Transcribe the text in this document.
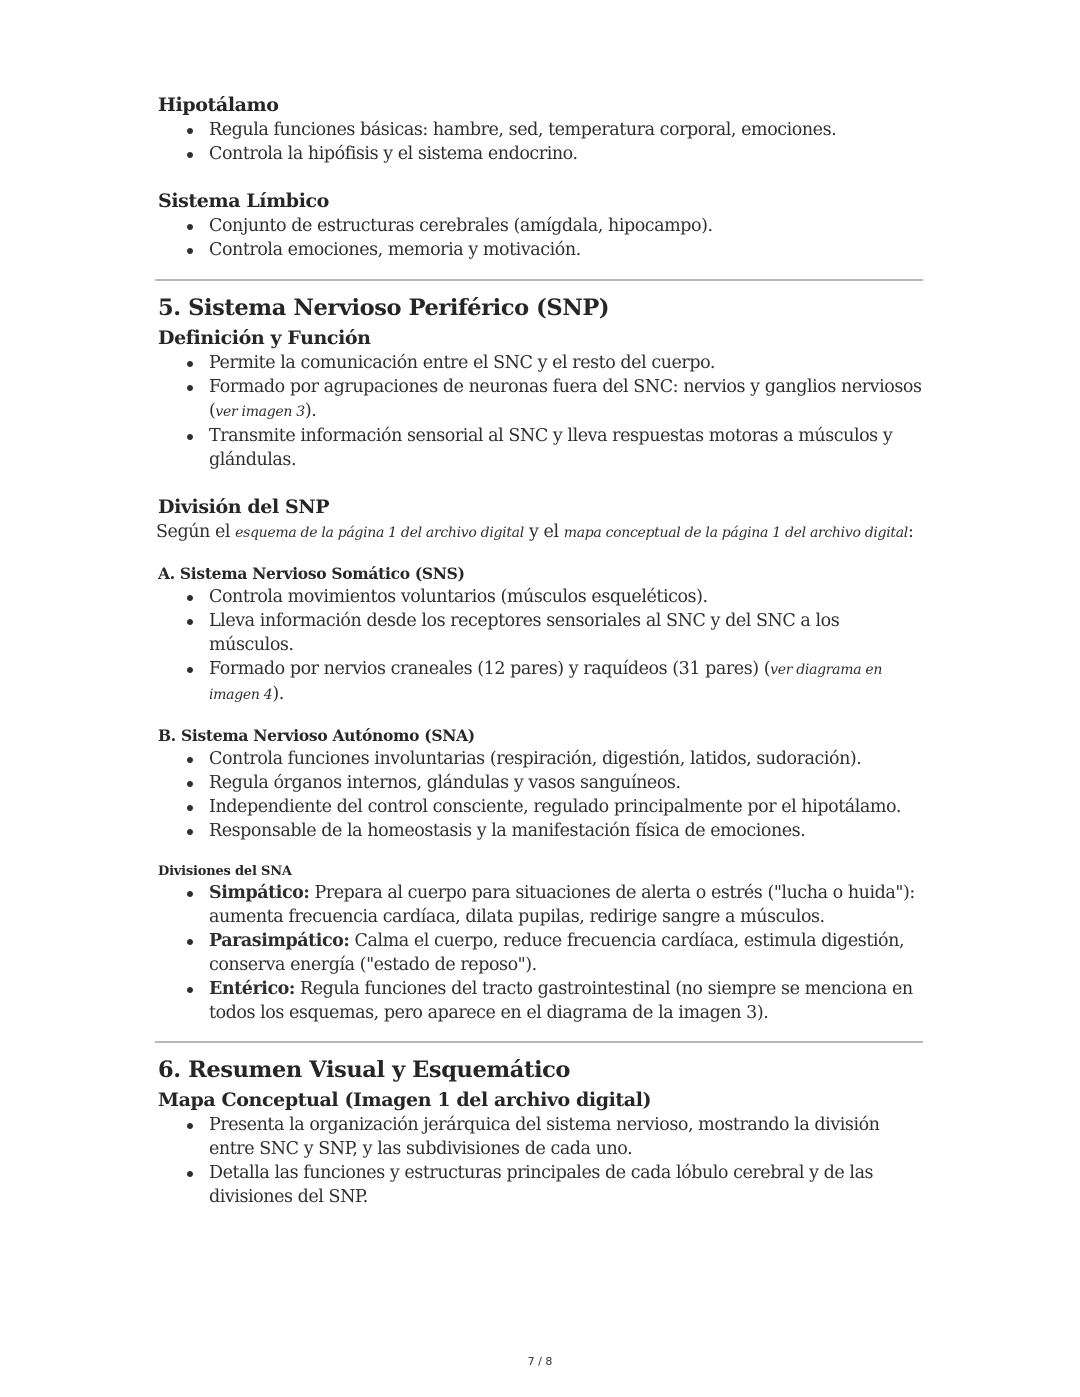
Hipotálamo
Regula funciones básicas: hambre, sed, temperatura corporal, emociones.
Controla la hipófisis y el sistema endocrino.
Sistema Límbico
Conjunto de estructuras cerebrales (amígdala, hipocampo).
Controla emociones, memoria y motivación.
5. Sistema Nervioso Periférico (SNP)
Definición y Función
Permite la comunicación entre el SNC y el resto del cuerpo.
Formado por agrupaciones de neuronas fuera del SNC: nervios y ganglios nerviosos (ver imagen 3).
Transmite información sensorial al SNC y lleva respuestas motoras a músculos y glándulas.
División del SNP

Según el esquema de la página 1 del archivo digital y el mapa conceptual de la página 1 del archivo digital:

A. Sistema Nervioso Somático (SNS)
Controla movimientos voluntarios (músculos esqueléticos).
Lleva información desde los receptores sensoriales al SNC y del SNC a los músculos.
Formado por nervios craneales (12 pares) y raquídeos (31 pares) (ver diagrama en imagen 4).
B. Sistema Nervioso Autónomo (SNA)
Controla funciones involuntarias (respiración, digestión, latidos, sudoración).
Regula órganos internos, glándulas y vasos sanguíneos.
Independiente del control consciente, regulado principalmente por el hipotálamo.
Responsable de la homeostasis y la manifestación física de emociones.
Divisiones del SNA
Simpático: Prepara al cuerpo para situaciones de alerta o estrés ("lucha o huida"): aumenta frecuencia cardíaca, dilata pupilas, redirige sangre a músculos.
Parasimpático: Calma el cuerpo, reduce frecuencia cardíaca, estimula digestión, conserva energía ("estado de reposo").
Entérico: Regula funciones del tracto gastrointestinal (no siempre se menciona en todos los esquemas, pero aparece en el diagrama de la imagen 3).
6. Resumen Visual y Esquemático
Mapa Conceptual (Imagen 1 del archivo digital)
Presenta la organización jerárquica del sistema nervioso, mostrando la división entre SNC y SNP, y las subdivisiones de cada uno.
Detalla las funciones y estructuras principales de cada lóbulo cerebral y de las divisiones del SNP.
7 / 8
